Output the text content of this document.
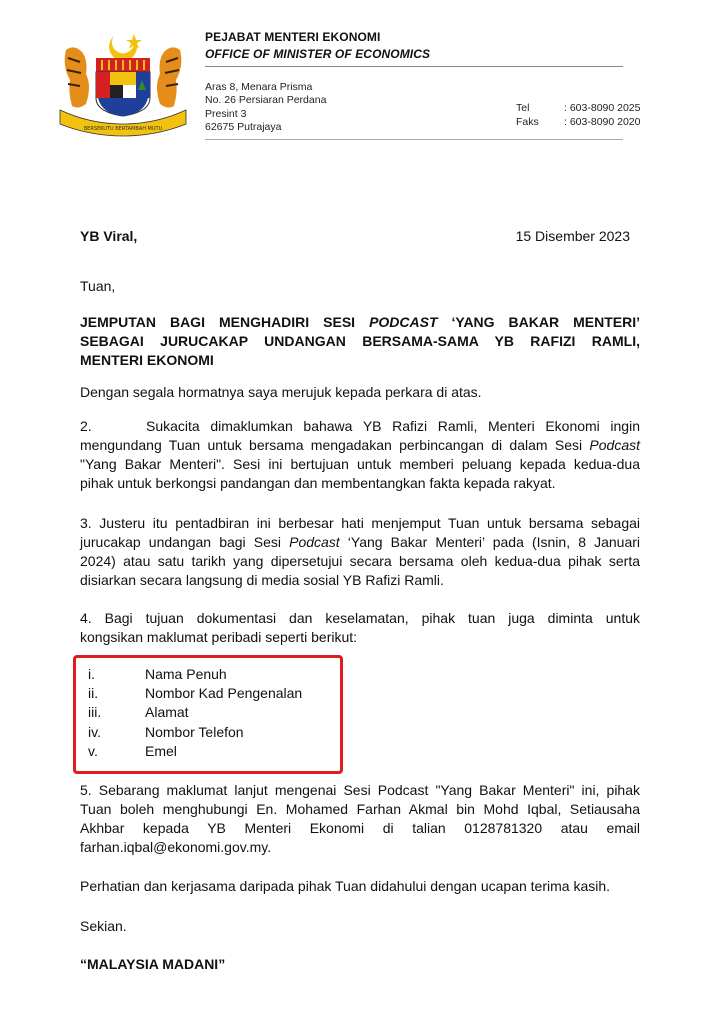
BERSEKUTU BERTAMBAH MUTU
PEJABAT MENTERI EKONOMI
OFFICE OF MINISTER OF ECONOMICS
Aras 8, Menara Prisma
No. 26 Persiaran Perdana
Presint 3
62675 Putrajaya
Tel	: 603-8090 2025
Faks	: 603-8090 2020
YB Viral,	15 Disember 2023
Tuan,
JEMPUTAN BAGI MENGHADIRI SESI PODCAST ‘YANG BAKAR MENTERI’
SEBAGAI JURUCAKAP UNDANGAN BERSAMA-SAMA YB RAFIZI RAMLI,
MENTERI EKONOMI
Dengan segala hormatnya saya merujuk kepada perkara di atas.
2.	Sukacita dimaklumkan bahawa YB Rafizi Ramli, Menteri Ekonomi ingin
mengundang Tuan untuk bersama mengadakan perbincangan di dalam Sesi Podcast
"Yang Bakar Menteri". Sesi ini bertujuan untuk memberi peluang kepada kedua-dua
pihak untuk berkongsi pandangan dan membentangkan fakta kepada rakyat.
3. Justeru itu pentadbiran ini berbesar hati menjemput Tuan untuk bersama sebagai
jurucakap undangan bagi Sesi Podcast ‘Yang Bakar Menteri’ pada (Isnin, 8 Januari
2024) atau satu tarikh yang dipersetujui secara bersama oleh kedua-dua pihak serta
disiarkan secara langsung di media sosial YB Rafizi Ramli.
4. Bagi tujuan dokumentasi dan keselamatan, pihak tuan juga diminta untuk
kongsikan maklumat peribadi seperti berikut:
i.	Nama Penuh
ii.	Nombor Kad Pengenalan
iii.	Alamat
iv.	Nombor Telefon
v.	Emel
5. Sebarang maklumat lanjut mengenai Sesi Podcast "Yang Bakar Menteri" ini, pihak
Tuan boleh menghubungi En. Mohamed Farhan Akmal bin Mohd Iqbal, Setiausaha
Akhbar kepada YB Menteri Ekonomi di talian 0128781320 atau email
farhan.iqbal@ekonomi.gov.my.
Perhatian dan kerjasama daripada pihak Tuan didahului dengan ucapan terima kasih.
Sekian.
“MALAYSIA MADANI”
